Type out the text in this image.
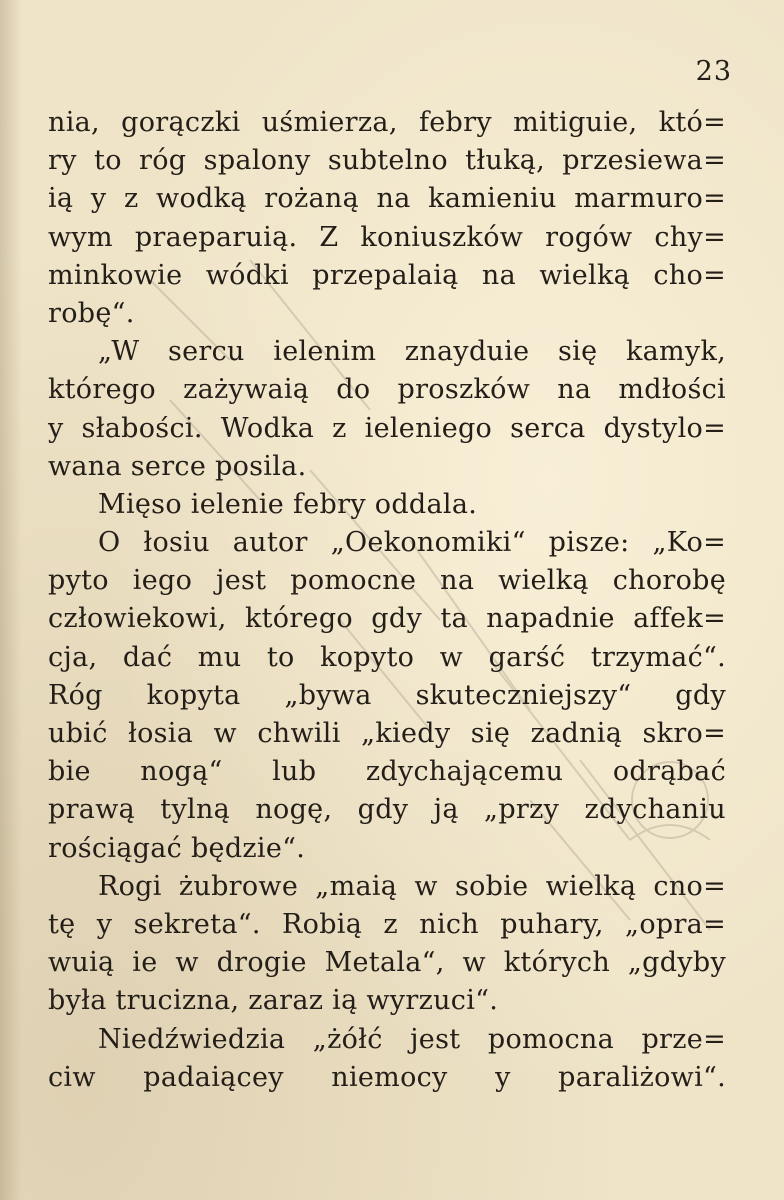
23
nia, gorączki uśmierza, febry mitiguie, któ=
ry to róg spalony subtelno tłuką, przesiewa=
ią y z wodką rożaną na kamieniu marmuro=
wym praeparuią. Z koniuszków rogów chy=
minkowie wódki przepalaią na wielką cho=
robę“.
„W sercu ielenim znayduie się kamyk,
którego zażywaią do proszków na mdłości
y słabości. Wodka z ieleniego serca dystylo=
wana serce posila.
Mięso ielenie febry oddala.
O łosiu autor „Oekonomiki“ pisze: „Ko=
pyto iego jest pomocne na wielką chorobę
człowiekowi, którego gdy ta napadnie affek=
cja, dać mu to kopyto w garść trzymać“.
Róg kopyta „bywa skuteczniejszy“ gdy
ubić łosia w chwili „kiedy się zadnią skro=
bie nogą“ lub zdychającemu odrąbać
prawą tylną nogę, gdy ją „przy zdychaniu
rościągać będzie“.
Rogi żubrowe „maią w sobie wielką cno=
tę y sekreta“. Robią z nich puhary, „opra=
wuią ie w drogie Metala“, w których „gdyby
była trucizna, zaraz ią wyrzuci“.
Niedźwiedzia „żółć jest pomocna prze=
ciw padaiącey niemocy y paraliżowi“.
